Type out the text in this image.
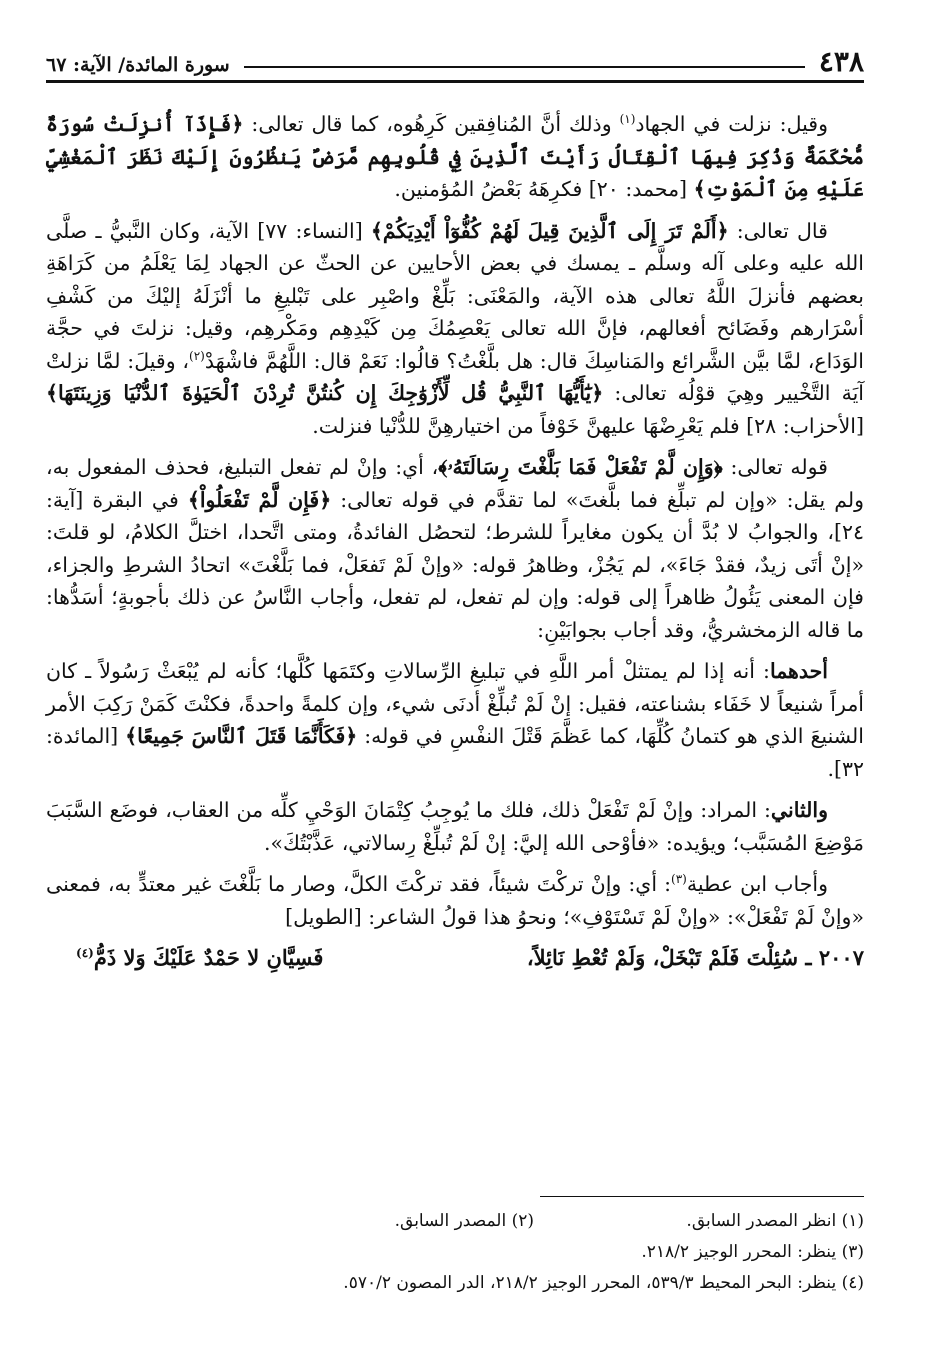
٤٣٨
سورة المائدة/ الآية: ٦٧

وقيل: نزلت في الجهاد$^{(١)}$ وذلك أنَّ المُنافِقين كَرِهُوه، كما قال تعالى: ﴿فَإِذَآ أُنزِلَتْ سُورَةٌ مُّحْكَمَةٌ وَذُكِرَ فِيهَا ٱلْقِتَالُ رَأَيْتَ ٱلَّذِينَ فِي قُلُوبِهِم مَّرَضٌ يَنظُرُونَ إِلَيْكَ نَظَرَ ٱلْمَغْشِيِّ عَلَيْهِ مِنَ ٱلْمَوْتِ﴾ [محمد: ٢٠] فكرِهَهُ بَعْضُ المُؤمنين.

قال تعالى: ﴿أَلَمْ تَرَ إِلَى ٱلَّذِينَ قِيلَ لَهُمْ كُفُّوٓاْ أَيْدِيَكُمْ﴾ [النساء: ٧٧] الآية، وكان النَّبيُّ ـ صلَّى الله عليه وعلى آله وسلَّم ـ يمسك في بعض الأحايين عن الحثّ عن الجهاد لِمَا يَعْلَمُ من كَرَاهَةِ بعضهم فأنزلَ اللَّهُ تعالى هذه الآية، والمَعْنَى: بَلِّغْ واصْبِر على تَبْليغِ ما أنْزَلَهُ إليْكَ من كَشْفِ أسْرَارهم وفَضَائح أفعالهم، فإنَّ الله تعالى يَعْصِمُكَ مِن كَيْدِهِم ومَكْرهِم، وقيل: نزلتَ في حجَّة الوَدَاع، لمَّا بيَّن الشَّرائع والمَناسِكَ قال: هل بلَّغْتُ؟ قالُوا: نَعَمْ قال: اللَّهُمَّ فاشْهَدْ$^{(٢)}$، وقيلَ: لمَّا نزلتْ آيَة التَّخْيير وهِيَ قوْلُه تعالى: ﴿يَٰٓأَيُّهَا ٱلنَّبِيُّ قُل لِّأَزْوَٰجِكَ إِن كُنتُنَّ تُرِدْنَ ٱلْحَيَوٰةَ ٱلدُّنْيَا وَزِينَتَهَا﴾ [الأحزاب: ٢٨] فلم يَعْرِضْهَا عليهنَّ خَوْفاً من اختيارهِنَّ للدُّنْيا فنزلت.

قوله تعالى: ﴿وَإِن لَّمْ تَفْعَلْ فَمَا بَلَّغْتَ رِسَالَتَهُۥ﴾، أي: وإنْ لم تفعل التبليغ، فحذف المفعول به، ولم يقل: «وإن لم تبلِّغ فما بلَّغتَ» لما تقدَّم في قوله تعالى: ﴿فَإِن لَّمْ تَفْعَلُواْ﴾ في البقرة [آية: ٢٤]، والجوابُ لا بُدَّ أن يكون مغايراً للشرط؛ لتحصُل الفائدةُ، ومتى اتَّحدا، اختلَّ الكلامُ، لو قلتَ: «إنْ أتَى زيدٌ، فقدْ جَاءَ»، لم يَجُزْ، وظاهرُ قوله: «وإنْ لَمْ تَفعَلْ، فما بَلَّغْتَ» اتحادُ الشرطِ والجزاء، فإن المعنى يَئُولُ ظاهراً إلى قوله: وإن لم تفعل، لم تفعل، وأجاب النَّاسُ عن ذلك بأجوبةٍ؛ أسَدُّها: ما قاله الزمخشريُّ، وقد أجاب بجوابَيْنِ:

أحدهما: أنه إذا لم يمتثلْ أمر اللَّهِ في تبليغِ الرِّسالاتِ وكتَمَها كُلَّها؛ كأنه لم يُبْعَثْ رَسُولاً ـ كان أمراً شنيعاً لا خَفَاء بشناعته، فقيل: إنْ لَمْ تُبلِّغْ أدنَى شيء، وإن كلمةً واحدةً، فكنْتَ كَمَنْ رَكِبَ الأمر الشنيعَ الذي هو كتمانُ كُلِّهَا، كما عَظَّمَ قَتْلَ النفْسِ في قوله: ﴿فَكَأَنَّمَا قَتَلَ ٱلنَّاسَ جَمِيعًا﴾ [المائدة: ٣٢].

والثاني: المراد: وإنْ لَمْ تَفْعَلْ ذلك، فلك ما يُوجِبُ كِتْمَانَ الوَحْيِ كلِّه من العقاب، فوضَع السَّبَبَ مَوْضِعَ المُسَبَّب؛ ويؤيده: «فأوْحى الله إليَّ: إنْ لَمْ تُبلِّغْ رِسالاتي، عَذَّبْتُكَ».

وأجاب ابن عطية$^{(٣)}$: أي: وإنْ تركْتَ شيئاً، فقد تركْتَ الكلَّ، وصار ما بَلَّغْتَ غير معتدٍّ به، فمعنى «وإنْ لَمْ تَفْعَلْ»: «وإنْ لَمْ تَسْتَوْفِ»؛ ونحوُ هذا قولُ الشاعر: [الطويل]

٢٠٠٧ ـ سُئِلْتَ فَلَمْ تَبْخَلْ، وَلَمْ تُعْطِ نَائِلاً،
فَسِيَّانِ لا حَمْدٌ عَلَيْكَ وَلا ذَمُّ$^{(٤)}$
(١) انظر المصدر السابق.
(٢) المصدر السابق.
(٣) ينظر: المحرر الوجيز ٢١٨/٢.
(٤) ينظر: البحر المحيط ٥٣٩/٣، المحرر الوجيز ٢١٨/٢، الدر المصون ٥٧٠/٢.
